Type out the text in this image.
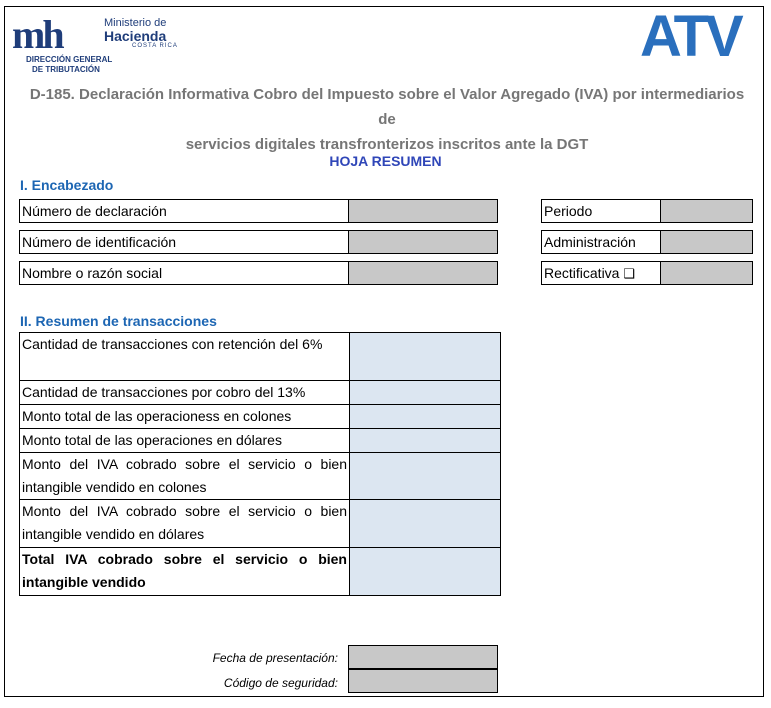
mh	Ministerio de
Hacienda
COSTA RICA
DIRECCIÓN GENERAL
DE TRIBUTACIÓN
ATV
D-185. Declaración Informativa Cobro del Impuesto sobre el Valor Agregado (IVA) por intermediarios de
servicios digitales transfronterizos inscritos ante la DGT
HOJA RESUMEN
I. Encabezado
Número de declaración
Número de identificación
Nombre o razón social
Periodo
Administración
Rectificativa ❑
II. Resumen de transacciones
Cantidad de transacciones con retención del 6%	

Cantidad de transacciones por cobro del 13%	

Monto total de las operacioness en colones	

Monto total de las operaciones en dólares	

Monto del IVA cobrado sobre el servicio o bien
intangible vendido en colones	

Monto del IVA cobrado sobre el servicio o bien
intangible vendido en dólares	

Total IVA cobrado sobre el servicio o bien
intangible vendido	

Fecha de presentación:
Código de seguridad:
